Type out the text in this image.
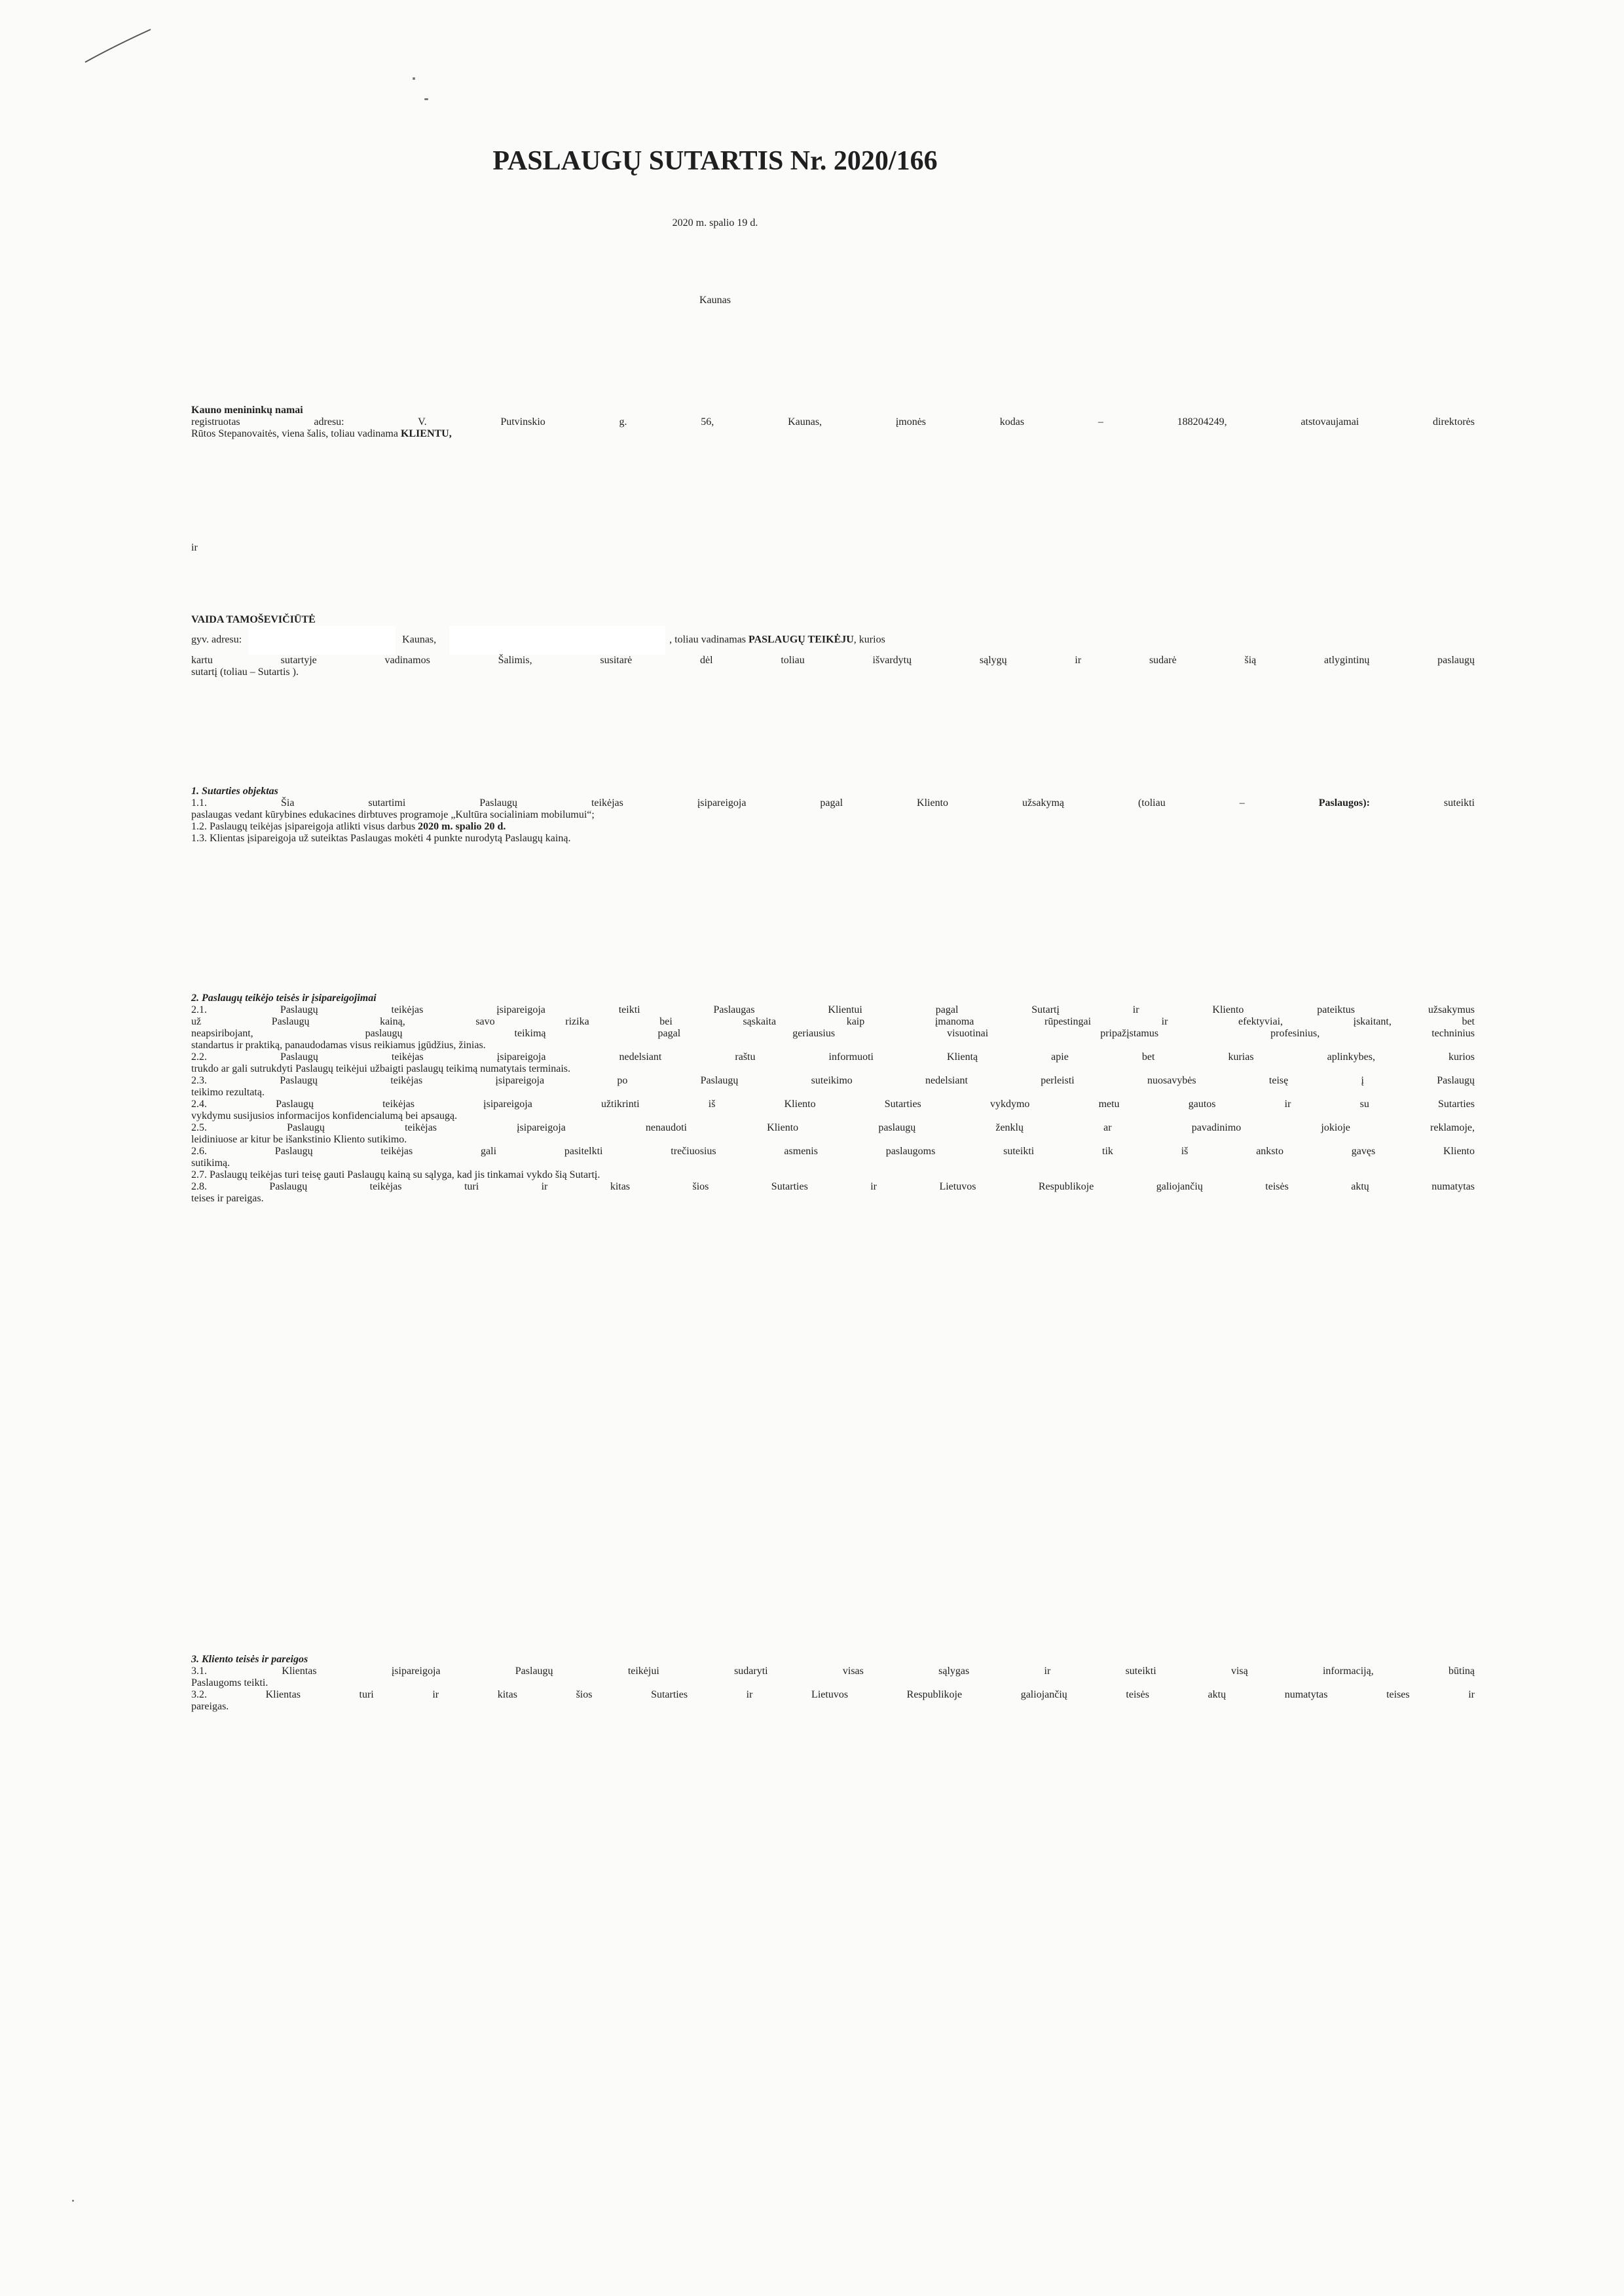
PASLAUGŲ SUTARTIS Nr. 2020/166
2020 m. spalio 19 d.
Kaunas
Kauno menininkų namai
registruotas adresu: V. Putvinskio g. 56, Kaunas, įmonės kodas – 188204249, atstovaujamai direktorės
Rūtos Stepanovaitės, viena šalis, toliau vadinama KLIENTU,
ir
VAIDA TAMOŠEVIČIŪTĖ
gyv. adresu:	Kaunas,	, toliau vadinamas PASLAUGŲ TEIKĖJU, kurios
kartu sutartyje vadinamos Šalimis, susitarė dėl toliau išvardytų sąlygų ir sudarė šią atlygintinų paslaugų
sutartį (toliau – Sutartis ).
1. Sutarties objektas
1.1. Šia sutartimi Paslaugų teikėjas įsipareigoja pagal Kliento užsakymą (toliau – Paslaugos): suteikti
paslaugas vedant kūrybines edukacines dirbtuves programoje „Kultūra socialiniam mobilumui“;
1.2. Paslaugų teikėjas įsipareigoja atlikti visus darbus 2020 m. spalio 20 d.
1.3. Klientas įsipareigoja už suteiktas Paslaugas mokėti 4 punkte nurodytą Paslaugų kainą.
2. Paslaugų teikėjo teisės ir įsipareigojimai
2.1. Paslaugų teikėjas įsipareigoja teikti Paslaugas Klientui pagal Sutartį ir Kliento pateiktus užsakymus
už Paslaugų kainą, savo rizika bei sąskaita kaip įmanoma rūpestingai ir efektyviai, įskaitant, bet
neapsiribojant, paslaugų teikimą pagal geriausius visuotinai pripažįstamus profesinius, techninius
standartus ir praktiką, panaudodamas visus reikiamus įgūdžius, žinias.
2.2. Paslaugų teikėjas įsipareigoja nedelsiant raštu informuoti Klientą apie bet kurias aplinkybes, kurios
trukdo ar gali sutrukdyti Paslaugų teikėjui užbaigti paslaugų teikimą numatytais terminais.
2.3. Paslaugų teikėjas įsipareigoja po Paslaugų suteikimo nedelsiant perleisti nuosavybės teisę į Paslaugų
teikimo rezultatą.
2.4. Paslaugų teikėjas įsipareigoja užtikrinti iš Kliento Sutarties vykdymo metu gautos ir su Sutarties
vykdymu susijusios informacijos konfidencialumą bei apsaugą.
2.5. Paslaugų teikėjas įsipareigoja nenaudoti Kliento paslaugų ženklų ar pavadinimo jokioje reklamoje,
leidiniuose ar kitur be išankstinio Kliento sutikimo.
2.6. Paslaugų teikėjas gali pasitelkti trečiuosius asmenis paslaugoms suteikti tik iš anksto gavęs Kliento
sutikimą.
2.7. Paslaugų teikėjas turi teisę gauti Paslaugų kainą su sąlyga, kad jis tinkamai vykdo šią Sutartį.
2.8. Paslaugų teikėjas turi ir kitas šios Sutarties ir Lietuvos Respublikoje galiojančių teisės aktų numatytas
teises ir pareigas.
3. Kliento teisės ir pareigos
3.1. Klientas įsipareigoja Paslaugų teikėjui sudaryti visas sąlygas ir suteikti visą informaciją, būtiną
Paslaugoms teikti.
3.2. Klientas turi ir kitas šios Sutarties ir Lietuvos Respublikoje galiojančių teisės aktų numatytas teises ir
pareigas.
